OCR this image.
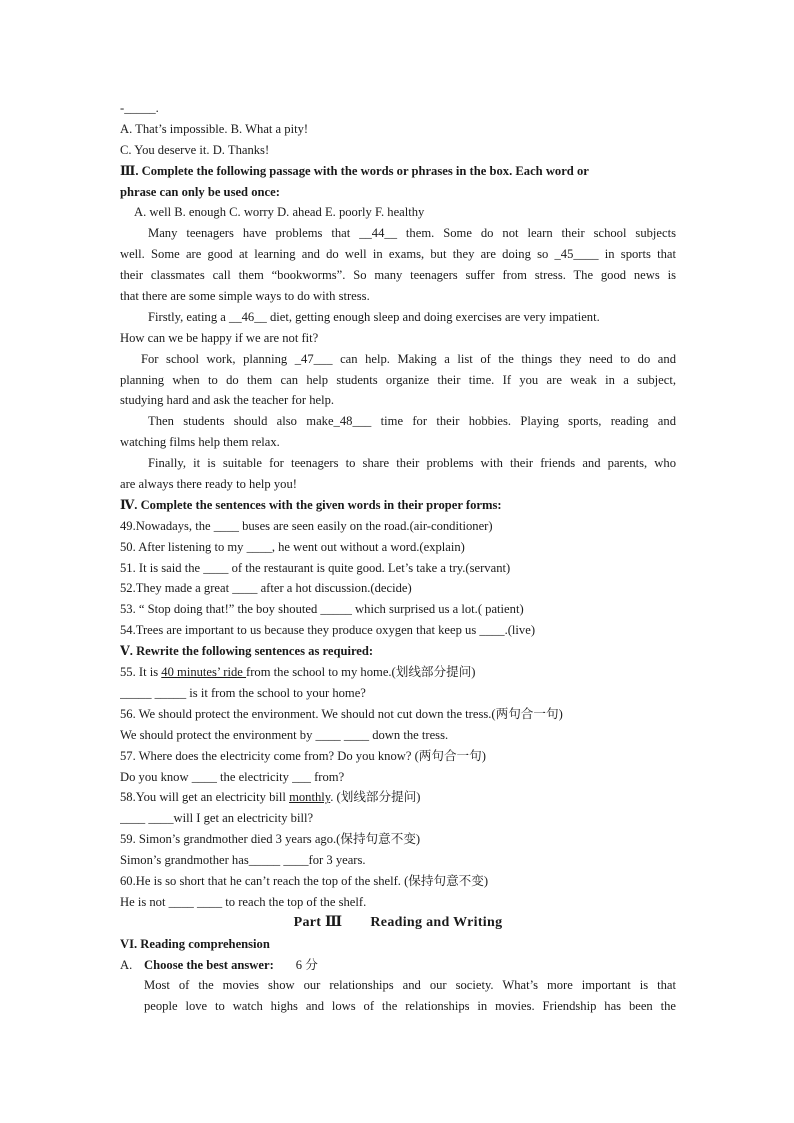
-_____.
A. That’s impossible. B. What a pity!
C. You deserve it. D. Thanks!
Ⅲ. Complete the following passage with the words or phrases in the box. Each word or
phrase can only be used once:
A. well B. enough C. worry D. ahead E. poorly F. healthy
Many teenagers have problems that __44__ them. Some do not learn their school subjects
well. Some are good at learning and do well in exams, but they are doing so _45____ in sports that
their classmates call them “bookworms”. So many teenagers suffer from stress. The good news is
that there are some simple ways to do with stress.
Firstly, eating a __46__ diet, getting enough sleep and doing exercises are very impatient.
How can we be happy if we are not fit?
For school work, planning _47___ can help. Making a list of the things they need to do and
planning when to do them can help students organize their time. If you are weak in a subject,
studying hard and ask the teacher for help.
Then students should also make_48___ time for their hobbies. Playing sports, reading and
watching films help them relax.
Finally, it is suitable for teenagers to share their problems with their friends and parents, who
are always there ready to help you!
Ⅳ. Complete the sentences with the given words in their proper forms:
49.Nowadays, the ____ buses are seen easily on the road.(air-conditioner)
50. After listening to my ____, he went out without a word.(explain)
51. It is said the ____ of the restaurant is quite good. Let’s take a try.(servant)
52.They made a great ____ after a hot discussion.(decide)
53. “ Stop doing that!” the boy shouted _____ which surprised us a lot.( patient)
54.Trees are important to us because they produce oxygen that keep us ____.(live)
Ⅴ. Rewrite the following sentences as required:
55. It is 40 minutes’ ride from the school to my home.(划线部分提问)
_____ _____ is it from the school to your home?
56. We should protect the environment. We should not cut down the tress.(两句合一句)
We should protect the environment by ____ ____ down the tress.
57. Where does the electricity come from? Do you know? (两句合一句)
Do you know ____ the electricity ___ from?
58.You will get an electricity bill monthly. (划线部分提问)
____ ____will I get an electricity bill?
59. Simon’s grandmother died 3 years ago.(保持句意不变)
Simon’s grandmother has_____ ____for 3 years.
60.He is so short that he can’t reach the top of the shelf. (保持句意不变)
He is not ____ ____ to reach the top of the shelf.
Part Ⅲ Reading and Writing
VI. Reading comprehension
A. Choose the best answer: 6 分
Most of the movies show our relationships and our society. What’s more important is that
people love to watch highs and lows of the relationships in movies. Friendship has been the
